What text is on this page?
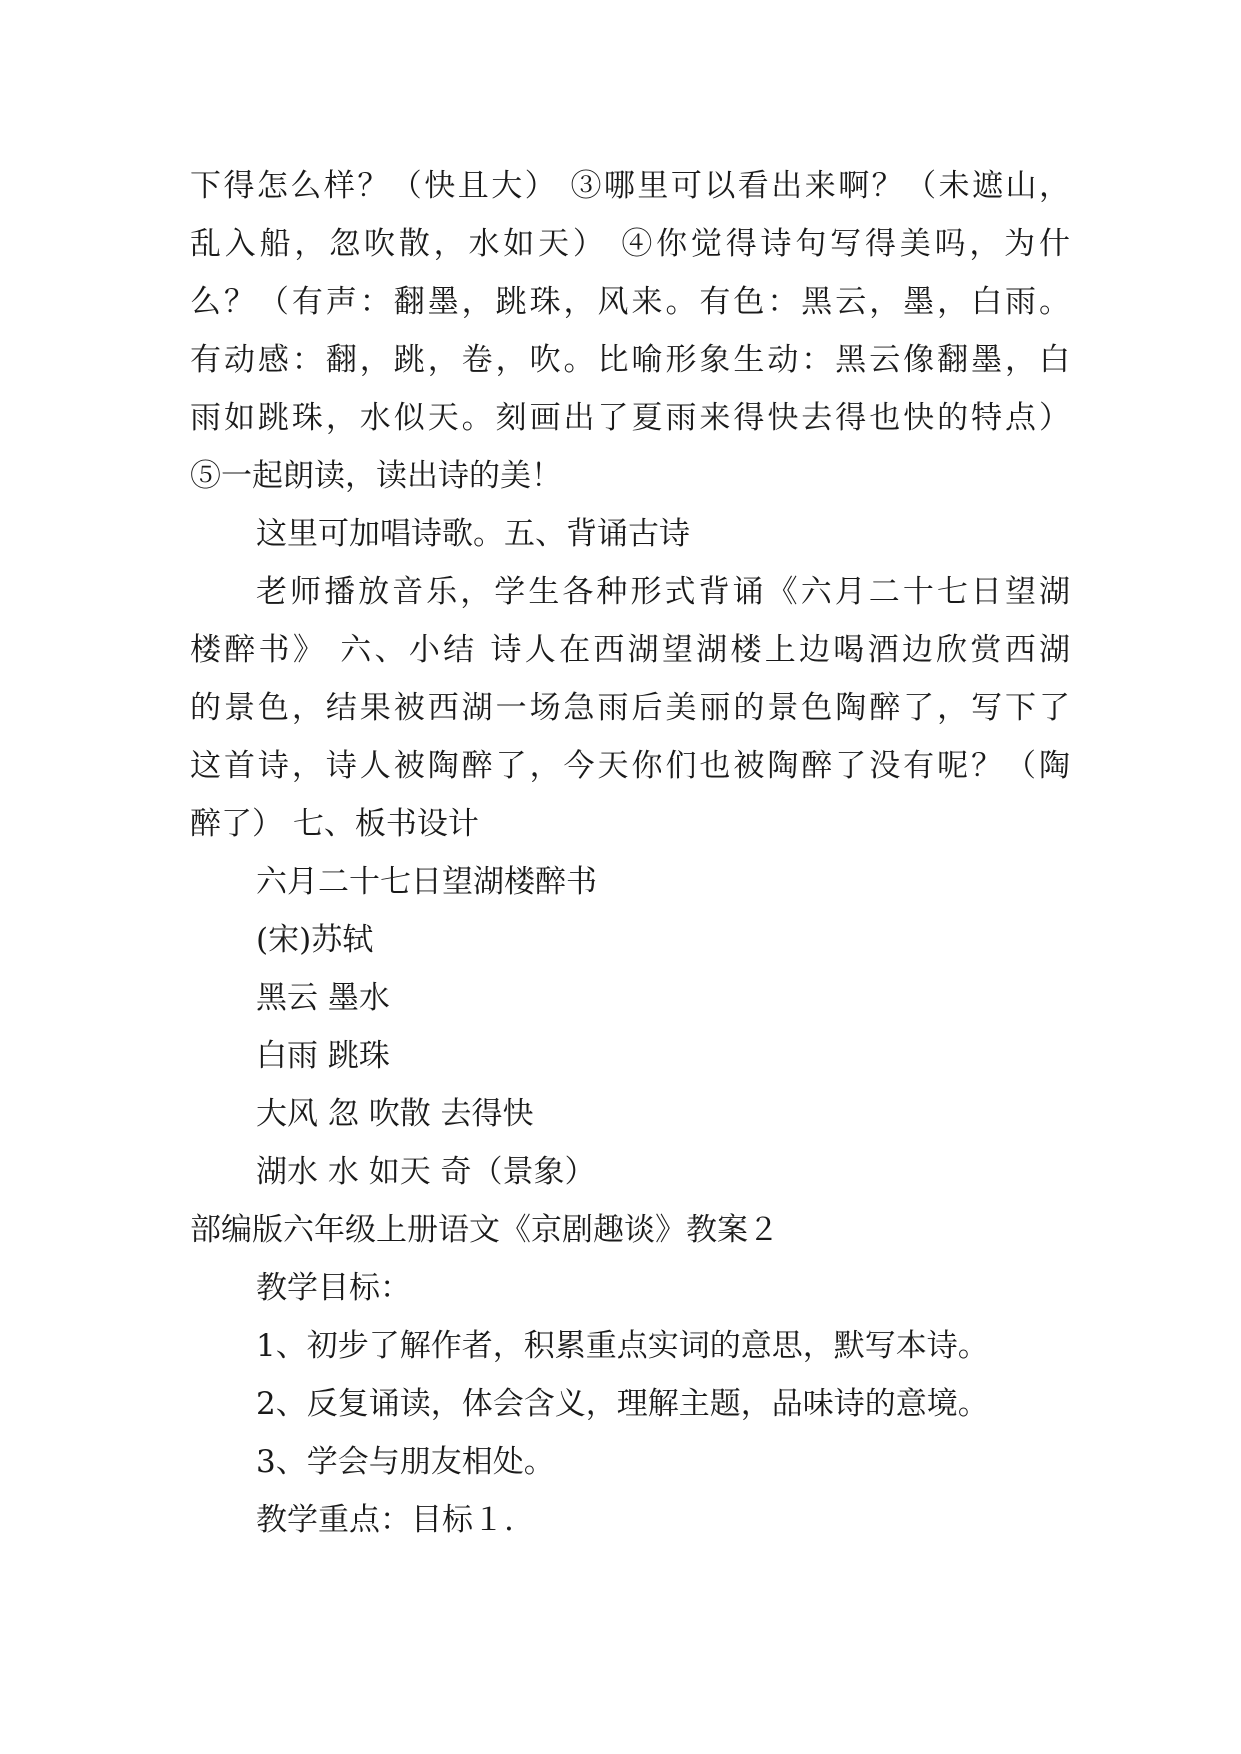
下得怎么样？（快且大） ③哪里可以看出来啊？（未遮山，
乱入船，忽吹散，水如天） ④你觉得诗句写得美吗，为什
么？（有声：翻墨，跳珠，风来。有色：黑云，墨，白雨。
有动感：翻，跳，卷，吹。比喻形象生动：黑云像翻墨，白
雨如跳珠，水似天。刻画出了夏雨来得快去得也快的特点）
⑤一起朗读，读出诗的美！
这里可加唱诗歌。五、背诵古诗
老师播放音乐，学生各种形式背诵《六月二十七日望湖
楼醉书》 六、小结 诗人在西湖望湖楼上边喝酒边欣赏西湖
的景色，结果被西湖一场急雨后美丽的景色陶醉了，写下了
这首诗，诗人被陶醉了，今天你们也被陶醉了没有呢？（陶
醉了） 七、板书设计
六月二十七日望湖楼醉书
(宋)苏轼
黑云 墨水
白雨 跳珠
大风 忽 吹散 去得快
湖水 水 如天 奇（景象）
部编版六年级上册语文《京剧趣谈》教案２
教学目标：
1、初步了解作者，积累重点实词的意思，默写本诗。
2、反复诵读，体会含义，理解主题，品味诗的意境。
3、学会与朋友相处。
教学重点：目标１.
